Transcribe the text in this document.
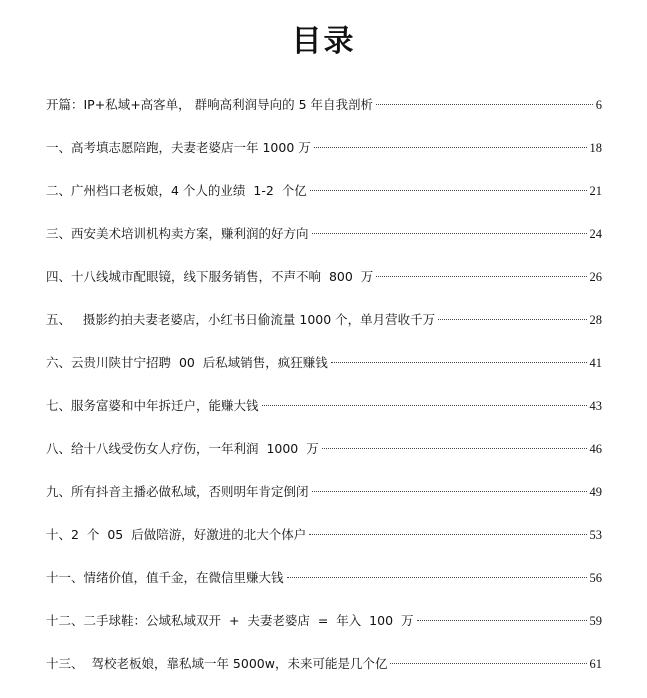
目录
开篇：IP+私域+高客单， 群响高利润导向的 5 年自我剖析	6
一、高考填志愿陪跑，夫妻老婆店一年 1000 万	18
二、广州档口老板娘，4 个人的业绩  1-2  个亿	21
三、西安美术培训机构卖方案，赚利润的好方向	24
四、十八线城市配眼镜，线下服务销售，不声不响  800  万	26
五、   摄影约拍夫妻老婆店，小红书日偷流量 1000 个，单月营收千万	28
六、云贵川陕甘宁招聘  00  后私域销售，疯狂赚钱	41
七、服务富婆和中年拆迁户，能赚大钱	43
八、给十八线受伤女人疗伤，一年利润  1000  万	46
九、所有抖音主播必做私域，否则明年肯定倒闭	49
十、2  个  05  后做陪游，好激进的北大个体户	53
十一、情绪价值，值千金，在微信里赚大钱	56
十二、二手球鞋：公域私域双开  +  夫妻老婆店  =  年入  100  万	59
十三、  驾校老板娘，靠私域一年 5000w，未来可能是几个亿	61
